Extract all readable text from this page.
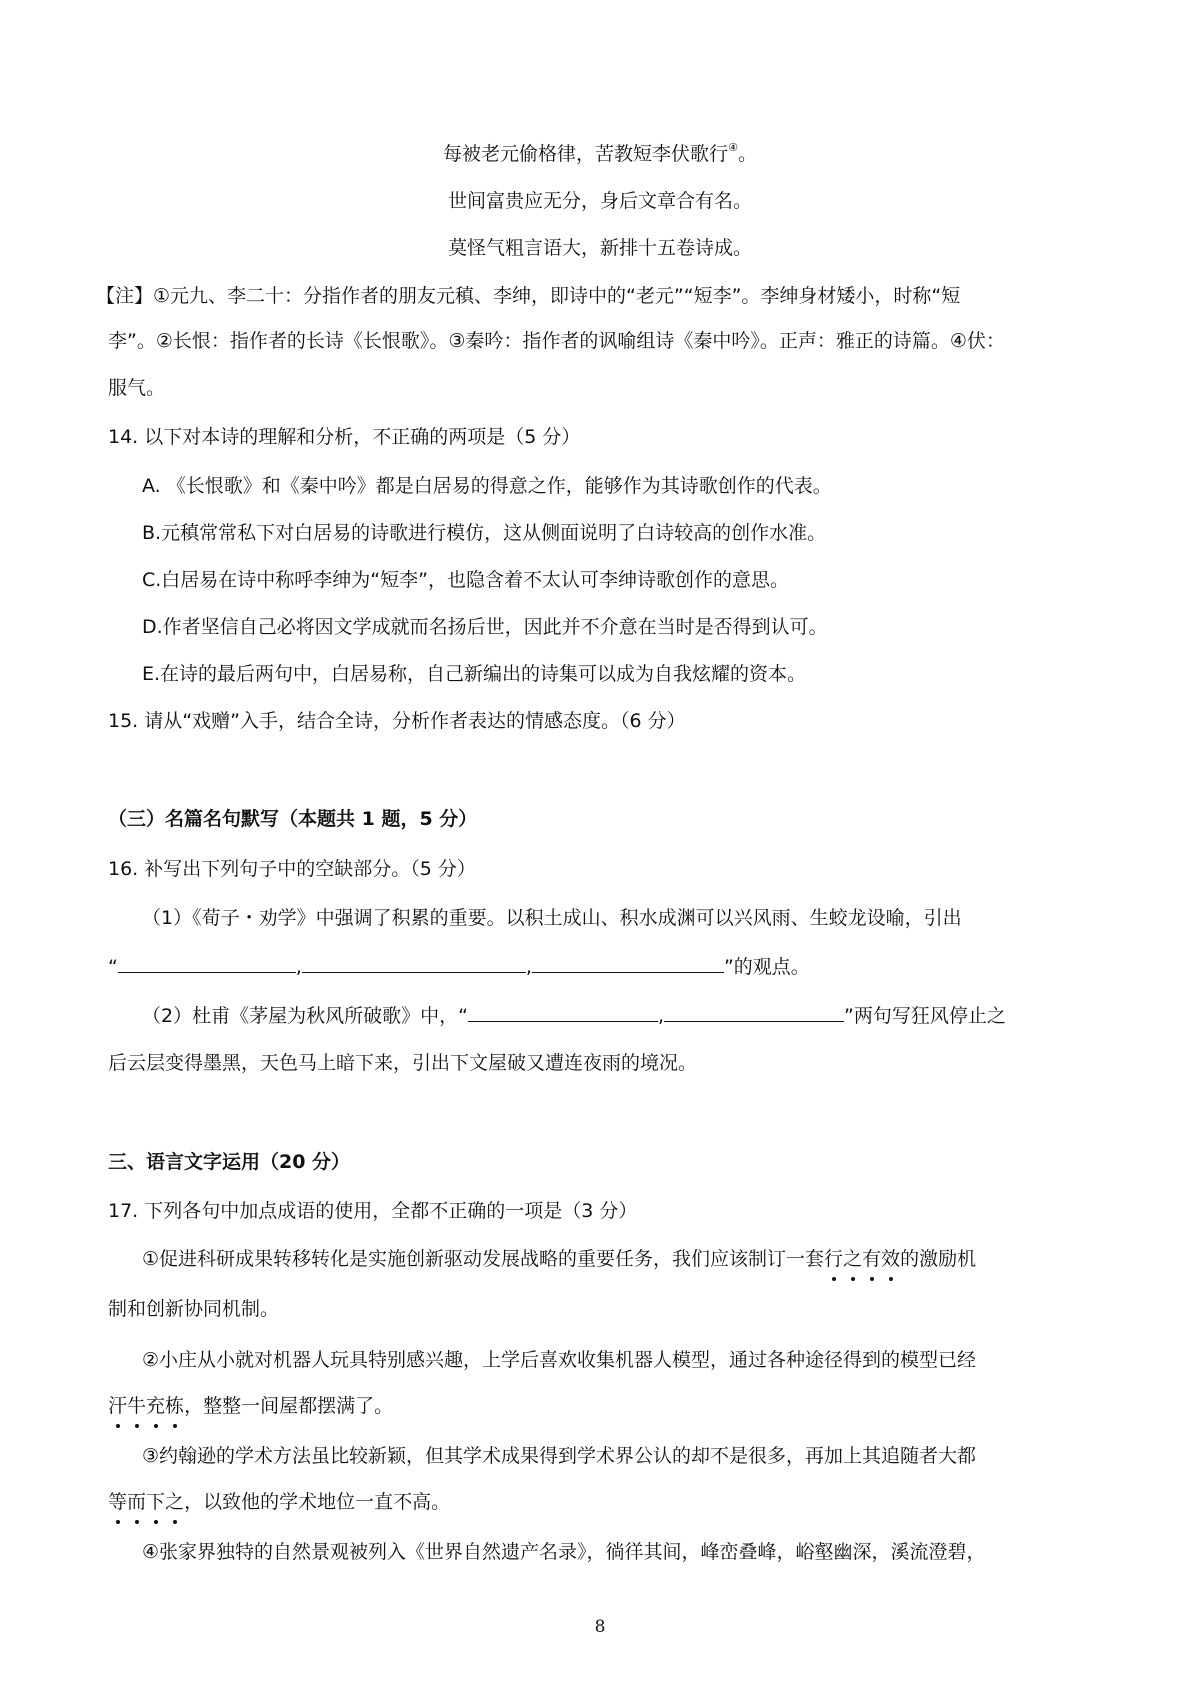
每被老元偷格律，苦教短李伏歌行④。
世间富贵应无分，身后文章合有名。
莫怪气粗言语大，新排十五卷诗成。
【注】①元九、李二十：分指作者的朋友元稹、李绅，即诗中的“老元”“短李”。李绅身材矮小，时称“短
李”。②长恨：指作者的长诗《长恨歌》。③秦吟：指作者的讽喻组诗《秦中吟》。正声：雅正的诗篇。④伏：
服气。
14. 以下对本诗的理解和分析，不正确的两项是（5 分）
A. 《长恨歌》和《秦中吟》都是白居易的得意之作，能够作为其诗歌创作的代表。
B.元稹常常私下对白居易的诗歌进行模仿，这从侧面说明了白诗较高的创作水准。
C.白居易在诗中称呼李绅为“短李”，也隐含着不太认可李绅诗歌创作的意思。
D.作者坚信自己必将因文学成就而名扬后世，因此并不介意在当时是否得到认可。
E.在诗的最后两句中，白居易称，自己新编出的诗集可以成为自我炫耀的资本。
15. 请从“戏赠”入手，结合全诗，分析作者表达的情感态度。（6 分）
（三）名篇名句默写（本题共 1 题，5 分）
16. 补写出下列句子中的空缺部分。（5 分）
（1）《荀子・劝学》中强调了积累的重要。以积土成山、积水成渊可以兴风雨、生蛟龙设喻，引出
“	,	,	”的观点。
（2）杜甫《茅屋为秋风所破歌》中，“	,	”两句写狂风停止之
后云层变得墨黑，天色马上暗下来，引出下文屋破又遭连夜雨的境况。
三、语言文字运用（20 分）
17. 下列各句中加点成语的使用，全都不正确的一项是（3 分）
①促进科研成果转移转化是实施创新驱动发展战略的重要任务，我们应该制订一套行之有效的激励机
制和创新协同机制。
②小庄从小就对机器人玩具特别感兴趣，上学后喜欢收集机器人模型，通过各种途径得到的模型已经
汗牛充栋，整整一间屋都摆满了。
③约翰逊的学术方法虽比较新颖，但其学术成果得到学术界公认的却不是很多，再加上其追随者大都
等而下之，以致他的学术地位一直不高。
④张家界独特的自然景观被列入《世界自然遗产名录》，徜徉其间，峰峦叠峰，峪壑幽深，溪流澄碧，
8
